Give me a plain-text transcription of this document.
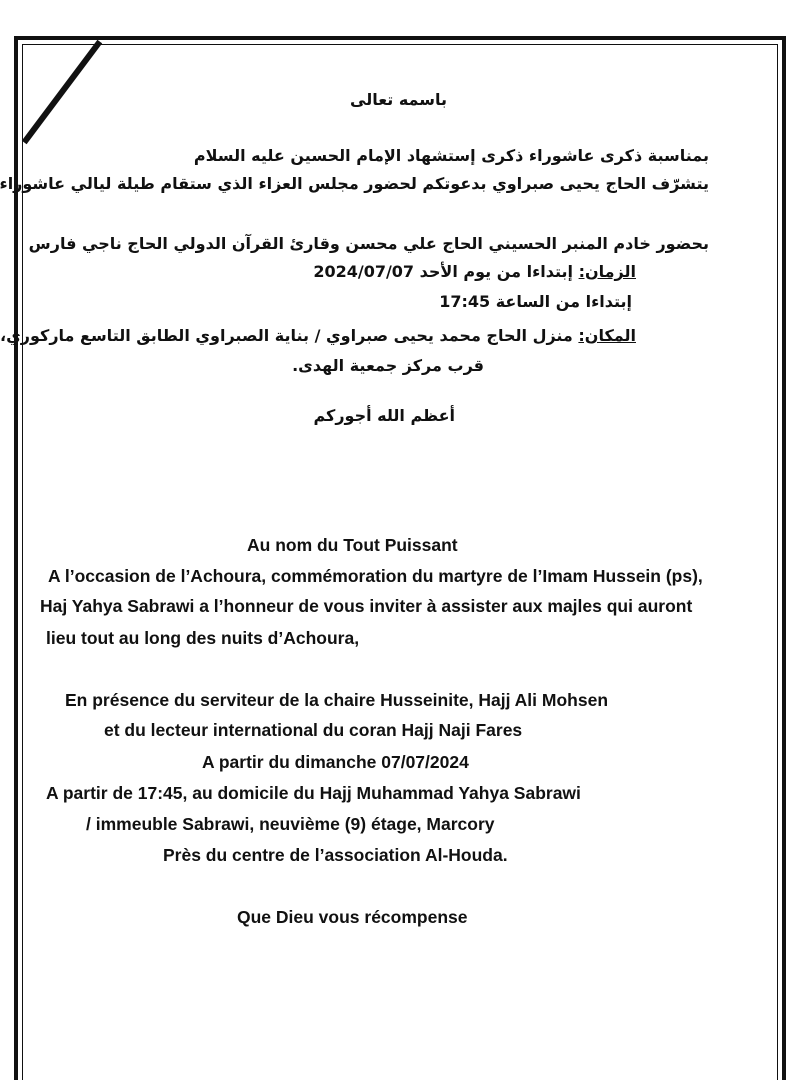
باسمه تعالى

بمناسبة ذكرى عاشوراء ذكرى إستشهاد الإمام الحسين عليه السلام

يتشرّف الحاج يحيى صبراوي بدعوتكم لحضور مجلس العزاء الذي ستقام طيلة ليالي عاشوراء

بحضور خادم المنبر الحسيني الحاج علي محسن وقارئ القرآن الدولي الحاج ناجي فارس

الزمان: إبتداءا من يوم الأحد 2024/07/07

إبتداءا من الساعة 17:45

المكان: منزل الحاج محمد يحيى صبراوي / بناية الصبراوي الطابق التاسع ماركوري،

قرب مركز جمعية الهدى.

أعظم الله أجوركم

Au nom du Tout Puissant

A l’occasion de l’Achoura, commémoration du martyre de l’Imam Hussein (ps),

Haj Yahya Sabrawi a l’honneur de vous inviter à assister aux majles qui auront

lieu tout au long des nuits d’Achoura,

En présence du serviteur de la chaire Husseinite, Hajj Ali Mohsen

et du lecteur international du coran Hajj Naji Fares

A partir du dimanche 07/07/2024

A partir de 17:45, au domicile du Hajj Muhammad Yahya Sabrawi

/ immeuble Sabrawi, neuvième (9) étage, Marcory

Près du centre de l’association Al-Houda.

Que Dieu vous récompense
